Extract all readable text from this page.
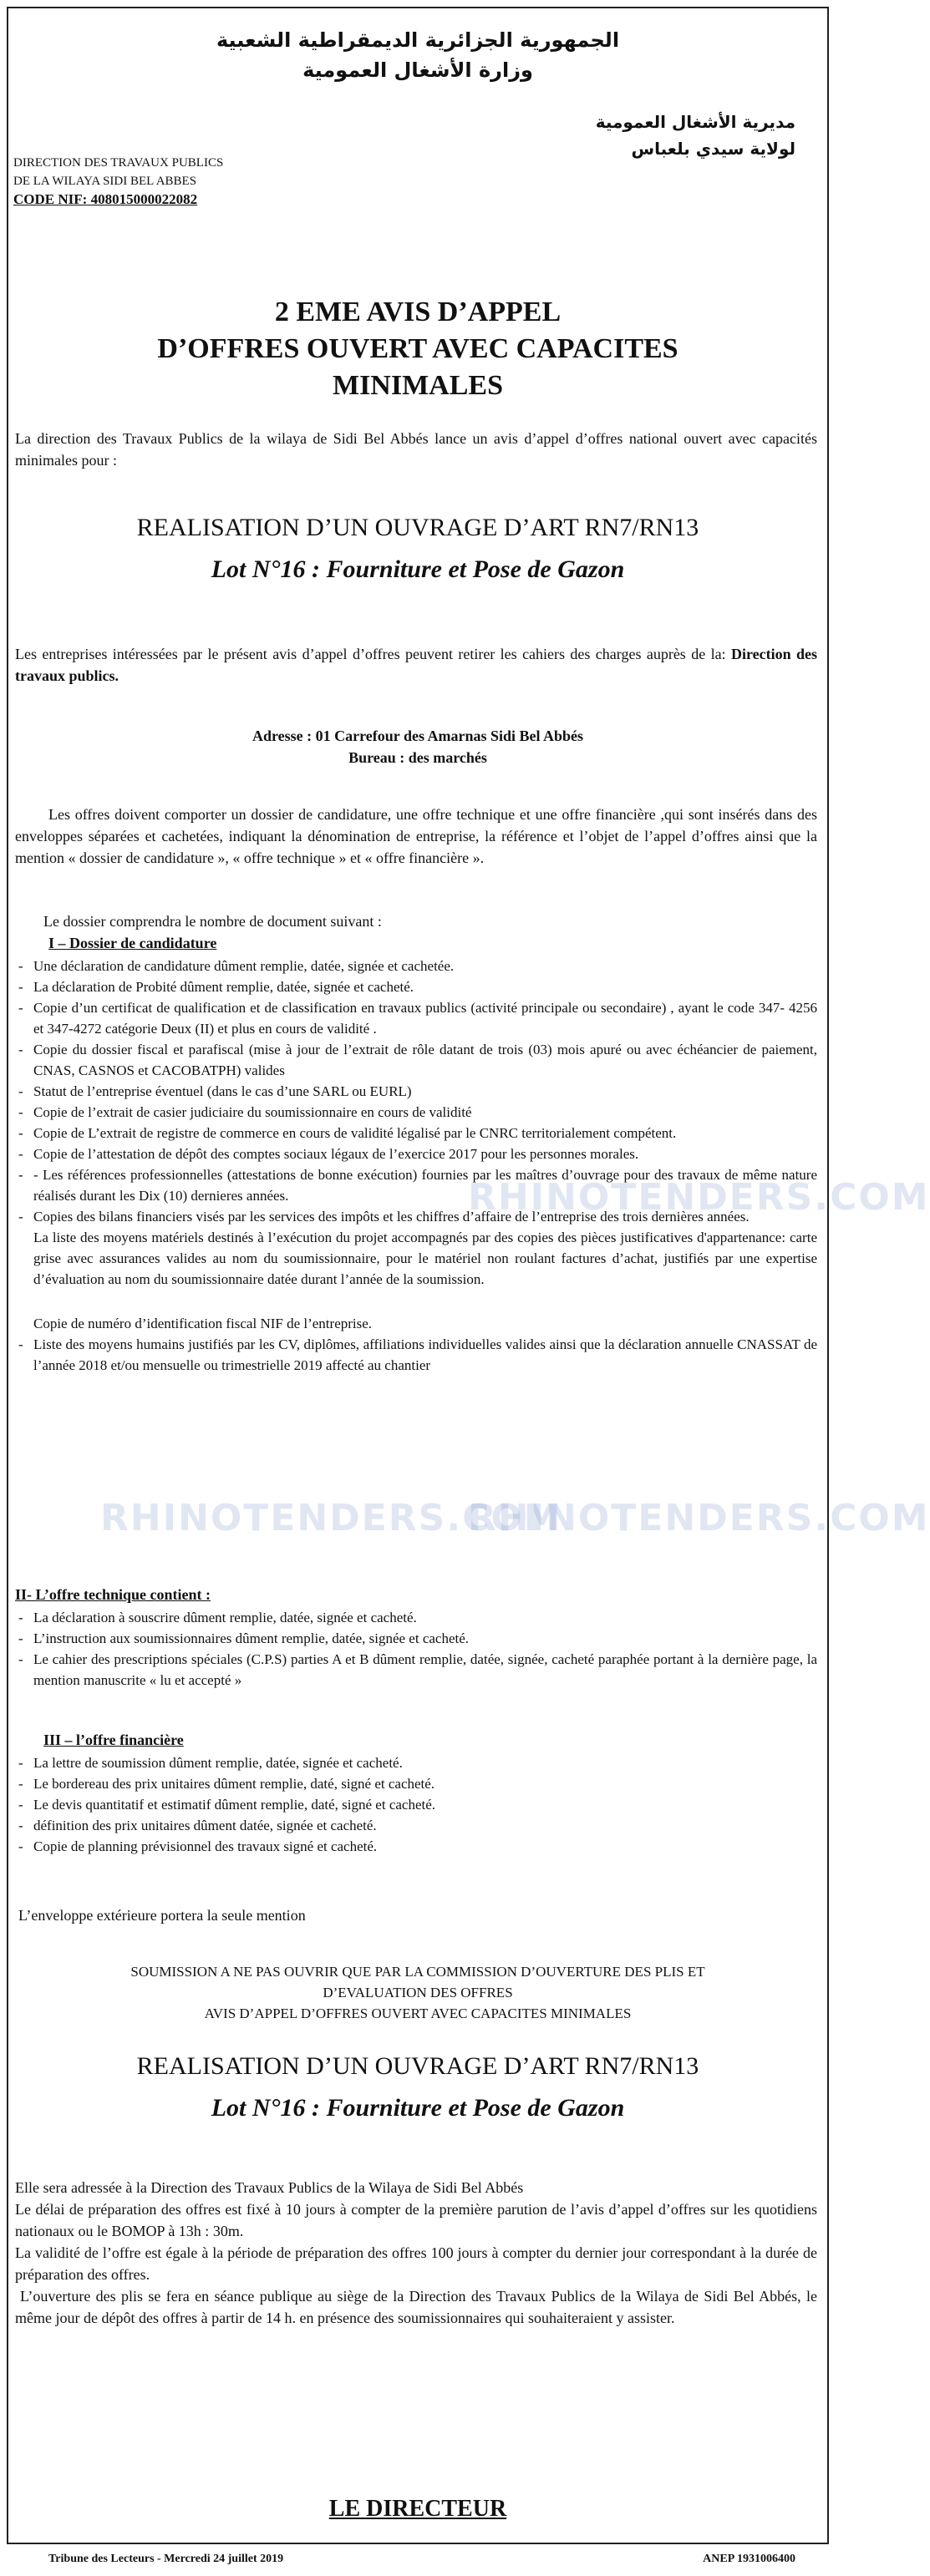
الجمهورية الجزائرية الديمقراطية الشعبية
وزارة الأشغال العمومية
مديرية الأشغال العمومية
لولاية سيدي بلعباس
DIRECTION DES TRAVAUX PUBLICS
DE LA WILAYA SIDI BEL ABBES
CODE NIF: 408015000022082
2 EME AVIS D’APPEL
D’OFFRES OUVERT AVEC CAPACITES
MINIMALES

La direction des Travaux Publics de la wilaya de Sidi Bel Abbés lance un avis d’appel d’offres national ouvert avec capacités minimales pour :

REALISATION D’UN OUVRAGE D’ART RN7/RN13
Lot N°16 : Fourniture et Pose de Gazon

Les entreprises intéressées par le présent avis d’appel d’offres peuvent retirer les cahiers des charges auprès de la: Direction des travaux publics.

Adresse : 01 Carrefour des Amarnas Sidi Bel Abbés
Bureau : des marchés

Les offres doivent comporter un dossier de candidature, une offre technique et une offre financière ,qui sont insérés dans des enveloppes séparées et cachetées, indiquant la dénomination de entreprise, la référence et l’objet de l’appel d’offres ainsi que la mention « dossier de candidature », « offre technique » et « offre financière ».

Le dossier comprendra le nombre de document suivant :

I – Dossier de candidature
- Une déclaration de candidature dûment remplie, datée, signée et cachetée.
- La déclaration de Probité dûment remplie, datée, signée et cacheté.
- Copie d’un certificat de qualification et de classification en travaux publics (activité principale ou secondaire) , ayant le code 347- 4256 et 347-4272 catégorie Deux (II) et plus en cours de validité .
- Copie du dossier fiscal et parafiscal (mise à jour de l’extrait de rôle datant de trois (03) mois apuré ou avec échéancier de paiement, CNAS, CASNOS et CACOBATPH) valides
- Statut de l’entreprise éventuel (dans le cas d’une SARL ou EURL)
- Copie de l’extrait de casier judiciaire du soumissionnaire en cours de validité
- Copie de L’extrait de registre de commerce en cours de validité légalisé par le CNRC territorialement compétent.
- Copie de l’attestation de dépôt des comptes sociaux légaux de l’exercice 2017 pour les personnes morales.
- - Les références professionnelles (attestations de bonne exécution) fournies par les maîtres d’ouvrage pour des travaux de même nature réalisés durant les Dix (10) dernieres années.
- Copies des bilans financiers visés par les services des impôts et les chiffres d’affaire de l’entreprise des trois dernières années.
La liste des moyens matériels destinés à l’exécution du projet accompagnés par des copies des pièces justificatives d'appartenance: carte grise avec assurances valides au nom du soumissionnaire, pour le matériel non roulant factures d’achat, justifiés par une expertise d’évaluation au nom du soumissionnaire datée durant l’année de la soumission.
Copie de numéro d’identification fiscal NIF de l’entreprise.
- Liste des moyens humains justifiés par les CV, diplômes, affiliations individuelles valides ainsi que la déclaration annuelle CNASSAT de l’année 2018 et/ou mensuelle ou trimestrielle 2019 affecté au chantier
II- L’offre technique contient :
- La déclaration à souscrire dûment remplie, datée, signée et cacheté.
- L’instruction aux soumissionnaires dûment remplie, datée, signée et cacheté.
- Le cahier des prescriptions spéciales (C.P.S) parties A et B dûment remplie, datée, signée, cacheté paraphée portant à la dernière page, la mention manuscrite « lu et accepté »
III – l’offre financière
- La lettre de soumission dûment remplie, datée, signée et cacheté.
- Le bordereau des prix unitaires dûment remplie, daté, signé et cacheté.
- Le devis quantitatif et estimatif dûment remplie, daté, signé et cacheté.
- définition des prix unitaires dûment datée, signée et cacheté.
- Copie de planning prévisionnel des travaux signé et cacheté.

L’enveloppe extérieure portera la seule mention

SOUMISSION A NE PAS OUVRIR QUE PAR LA COMMISSION D’OUVERTURE DES PLIS ET
D’EVALUATION DES OFFRES
AVIS D’APPEL D’OFFRES OUVERT AVEC CAPACITES MINIMALES
REALISATION D’UN OUVRAGE D’ART RN7/RN13
Lot N°16 : Fourniture et Pose de Gazon

Elle sera adressée à la Direction des Travaux Publics de la Wilaya de Sidi Bel Abbés

Le délai de préparation des offres est fixé à 10 jours à compter de la première parution de l’avis d’appel d’offres sur les quotidiens nationaux ou le BOMOP à 13h : 30m.

La validité de l’offre est égale à la période de préparation des offres 100 jours à compter du dernier jour correspondant à la durée de préparation des offres.

L’ouverture des plis se fera en séance publique au siège de la Direction des Travaux Publics de la Wilaya de Sidi Bel Abbés, le même jour de dépôt des offres à partir de 14 h. en présence des soumissionnaires qui souhaiteraient y assister.

LE DIRECTEUR
Tribune des Lecteurs - Mercredi 24 juillet 2019	ANEP 1931006400
RHINOTENDERS.COM
RHINOTENDERS.COM
RHINOTENDERS.COM
